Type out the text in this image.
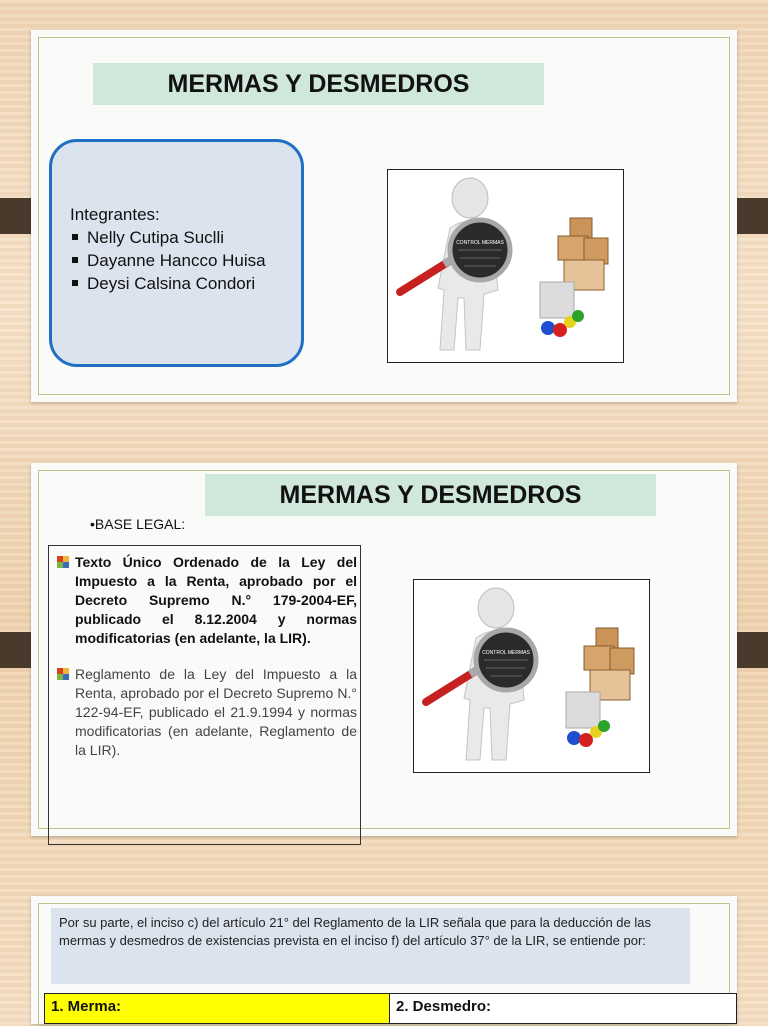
MERMAS Y DESMEDROS
Integrantes:
Nelly Cutipa Suclli
Dayanne Hancco Huisa
Deysi Calsina Condori
CONTROL MERMAS
MERMAS Y DESMEDROS
•BASE LEGAL:
Texto Único Ordenado de la Ley del Impuesto a la Renta, aprobado por el Decreto Supremo N.° 179-2004-EF, publicado el 8.12.2004 y normas modificatorias (en adelante, la LIR).
Reglamento de la Ley del Impuesto a la Renta, aprobado por el Decreto Supremo N.° 122-94-EF, publicado el 21.9.1994 y normas modificatorias (en adelante, Reglamento de la LIR).
CONTROL MERMAS
Por su parte, el inciso c) del artículo 21° del Reglamento de la LIR señala que para la deducción de las mermas y desmedros de existencias prevista en el inciso f) del artículo 37° de la LIR, se entiende por:
1. Merma:	2. Desmedro:
